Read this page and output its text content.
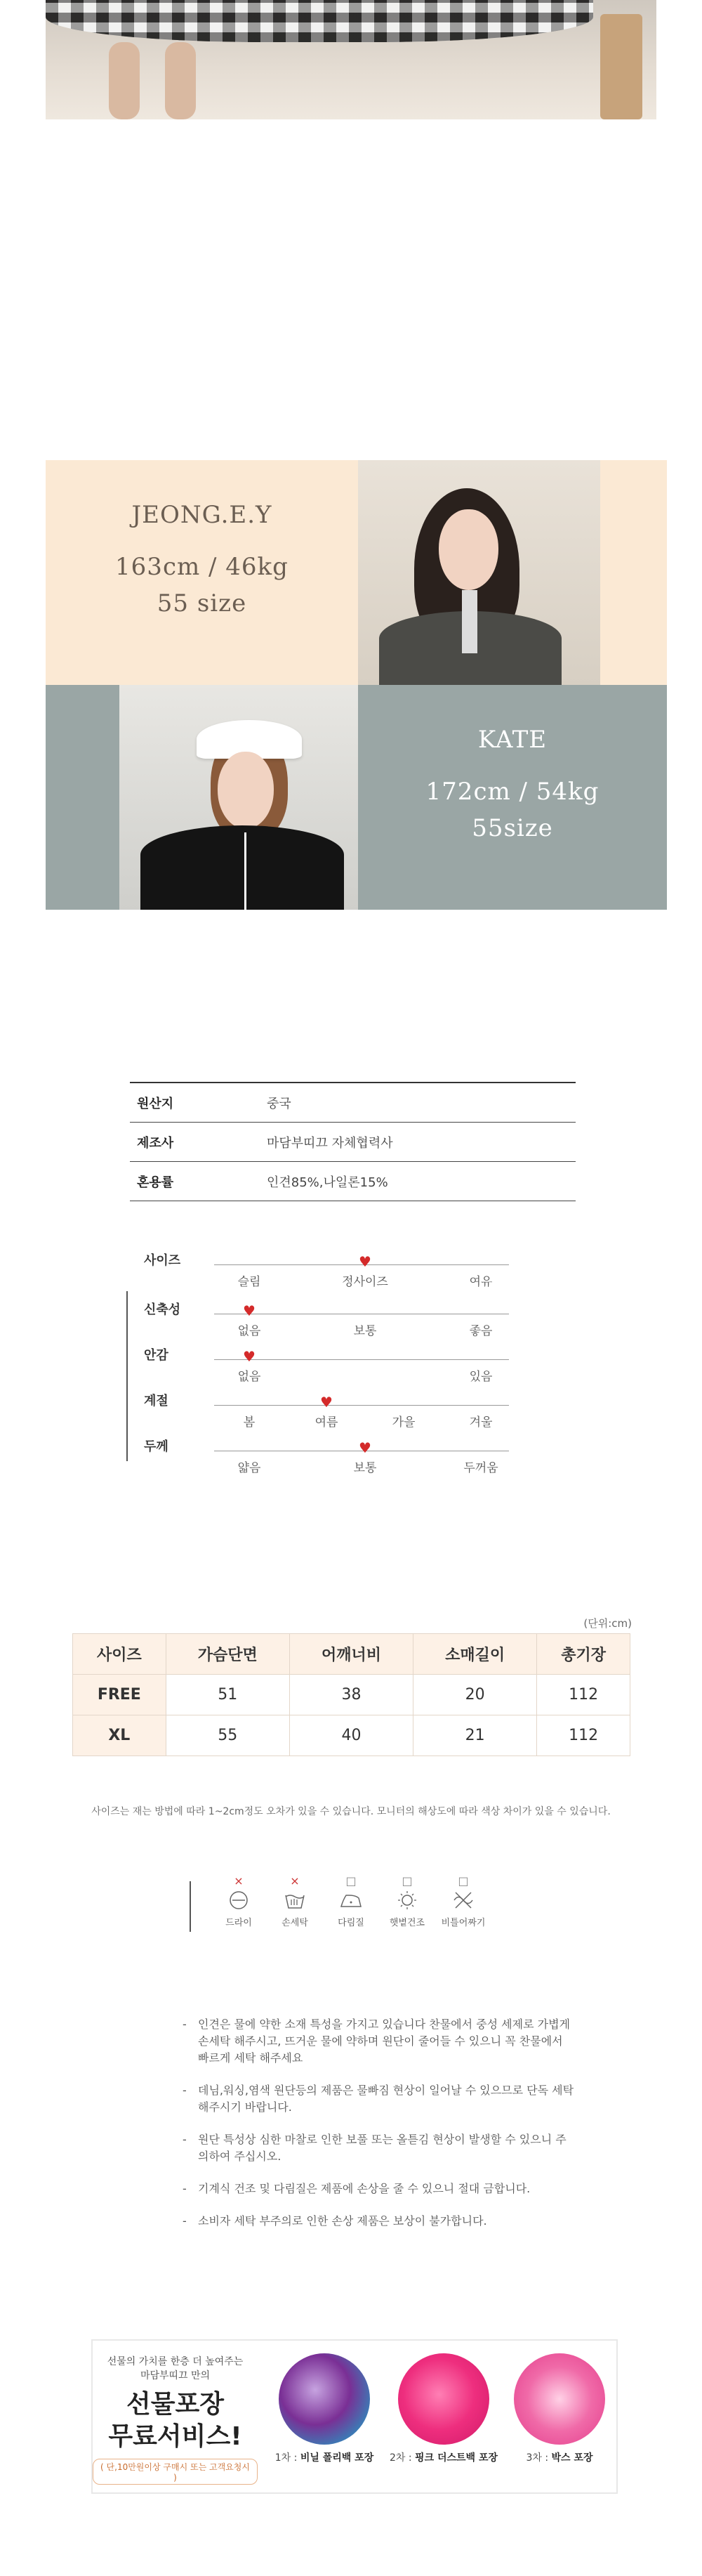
JEONG.E.Y
163cm / 46kg
55 size
KATE
172cm / 54kg
55size
원산지	중국
제조사	마담부띠끄 자체협력사
혼용률	인견85%,나일론15%
사이즈
슬림	정사이즈
♥
여유
신축성
없음
♥
보통	좋음
안감
없음
♥
있음
계절
봄	여름
♥
가을	겨울
두께
얇음	보통
♥
두꺼움
(단위:cm)
사이즈	가슴단면	어깨너비	소매길이	총기장
FREE	51	38	20	112
XL	55	40	21	112
사이즈는 재는 방법에 따라 1~2cm정도 오차가 있을 수 있습니다. 모니터의 해상도에 따라 색상 차이가 있을 수 있습니다.
×
드라이
×
손세탁
□
다림질
□
햇볕건조
□
비틀어짜기
- 인견은 물에 약한 소재 특성을 가지고 있습니다 찬물에서 중성 세제로 가볍게 손세탁 해주시고, 뜨거운 물에 약하며 원단이 줄어들 수 있으니 꼭 찬물에서 빠르게 세탁 해주세요
- 데님,워싱,염색 원단등의 제품은 물빠짐 현상이 일어날 수 있으므로 단독 세탁 해주시기 바랍니다.
- 원단 특성상 심한 마찰로 인한 보풀 또는 올튿김 현상이 발생할 수 있으니 주의하여 주십시오.
- 기계식 건조 및 다림질은 제품에 손상을 줄 수 있으니 절대 금합니다.
- 소비자 세탁 부주의로 인한 손상 제품은 보상이 불가합니다.
선물의 가치를 한층 더 높여주는
마담부띠끄 만의
선물포장
무료서비스!
( 단,10만원이상 구매시 또는 고객요청시 )
1차 : 비닐 폴리백 포장	2차 : 핑크 더스트백 포장	3차 : 박스 포장
